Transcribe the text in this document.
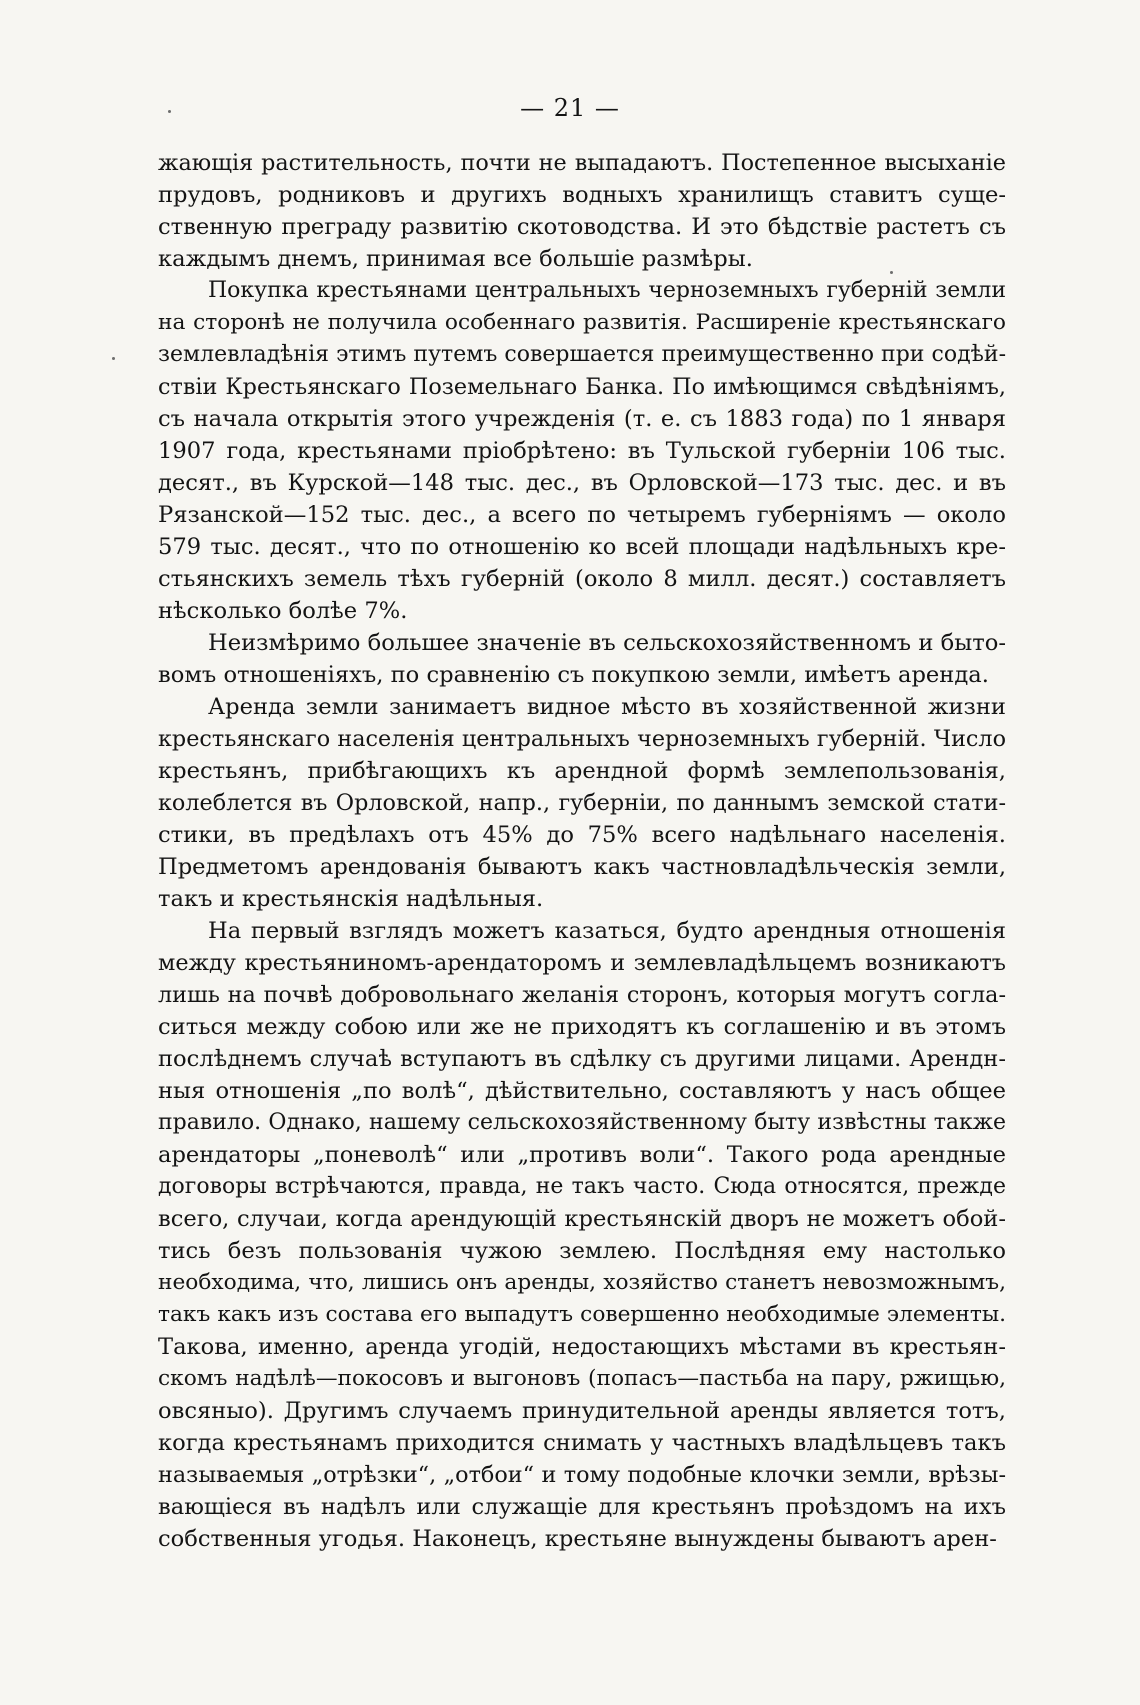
— 21 —
жающія растительность, почти не выпадаютъ. Постепенное высыханіе
прудовъ, родниковъ и другихъ водныхъ хранилищъ ставитъ суще-
ственную преграду развитію скотоводства. И это бѣдствіе растетъ съ
каждымъ днемъ, принимая все большіе размѣры.
Покупка крестьянами центральныхъ черноземныхъ губерній земли
на сторонѣ не получила особеннаго развитія. Расширеніе крестьянскаго
землевладѣнія этимъ путемъ совершается преимущественно при содѣй-
ствіи Крестьянскаго Поземельнаго Банка. По имѣющимся свѣдѣніямъ,
съ начала открытія этого учрежденія (т. е. съ 1883 года) по 1 января
1907 года, крестьянами пріобрѣтено: въ Тульской губерніи 106 тыс.
десят., въ Курской—148 тыс. дес., въ Орловской—173 тыс. дес. и въ
Рязанской—152 тыс. дес., а всего по четыремъ губерніямъ — около
579 тыс. десят., что по отношенію ко всей площади надѣльныхъ кре-
стьянскихъ земель тѣхъ губерній (около 8 милл. десят.) составляетъ
нѣсколько болѣе 7%.
Неизмѣримо большее значеніе въ сельскохозяйственномъ и быто-
вомъ отношеніяхъ, по сравненію съ покупкою земли, имѣетъ аренда.
Аренда земли занимаетъ видное мѣсто въ хозяйственной жизни
крестьянскаго населенія центральныхъ черноземныхъ губерній. Число
крестьянъ, прибѣгающихъ къ арендной формѣ землепользованія,
колеблется въ Орловской, напр., губерніи, по даннымъ земской стати-
стики, въ предѣлахъ отъ 45% до 75% всего надѣльнаго населенія.
Предметомъ арендованія бываютъ какъ частновладѣльческія земли,
такъ и крестьянскія надѣльныя.
На первый взглядъ можетъ казаться, будто арендныя отношенія
между крестьяниномъ-арендаторомъ и землевладѣльцемъ возникаютъ
лишь на почвѣ добровольнаго желанія сторонъ, которыя могутъ согла-
ситься между собою или же не приходятъ къ соглашенію и въ этомъ
послѣднемъ случаѣ вступаютъ въ сдѣлку съ другими лицами. Арендн-
ныя отношенія „по волѣ“, дѣйствительно, составляютъ у насъ общее
правило. Однако, нашему сельскохозяйственному быту извѣстны также
арендаторы „поневолѣ“ или „противъ воли“. Такого рода арендные
договоры встрѣчаются, правда, не такъ часто. Сюда относятся, прежде
всего, случаи, когда арендующій крестьянскій дворъ не можетъ обой-
тись безъ пользованія чужою землею. Послѣдняя ему настолько
необходима, что, лишись онъ аренды, хозяйство станетъ невозможнымъ,
такъ какъ изъ состава его выпадутъ совершенно необходимые элементы.
Такова, именно, аренда угодій, недостающихъ мѣстами въ крестьян-
скомъ надѣлѣ—покосовъ и выгоновъ (попасъ—пастьба на пару, ржищью,
овсяныо). Другимъ случаемъ принудительной аренды является тотъ,
когда крестьянамъ приходится снимать у частныхъ владѣльцевъ такъ
называемыя „отрѣзки“, „отбои“ и тому подобные клочки земли, врѣзы-
вающіеся въ надѣлъ или служащіе для крестьянъ проѣздомъ на ихъ
собственныя угодья. Наконецъ, крестьяне вынуждены бываютъ арен-
